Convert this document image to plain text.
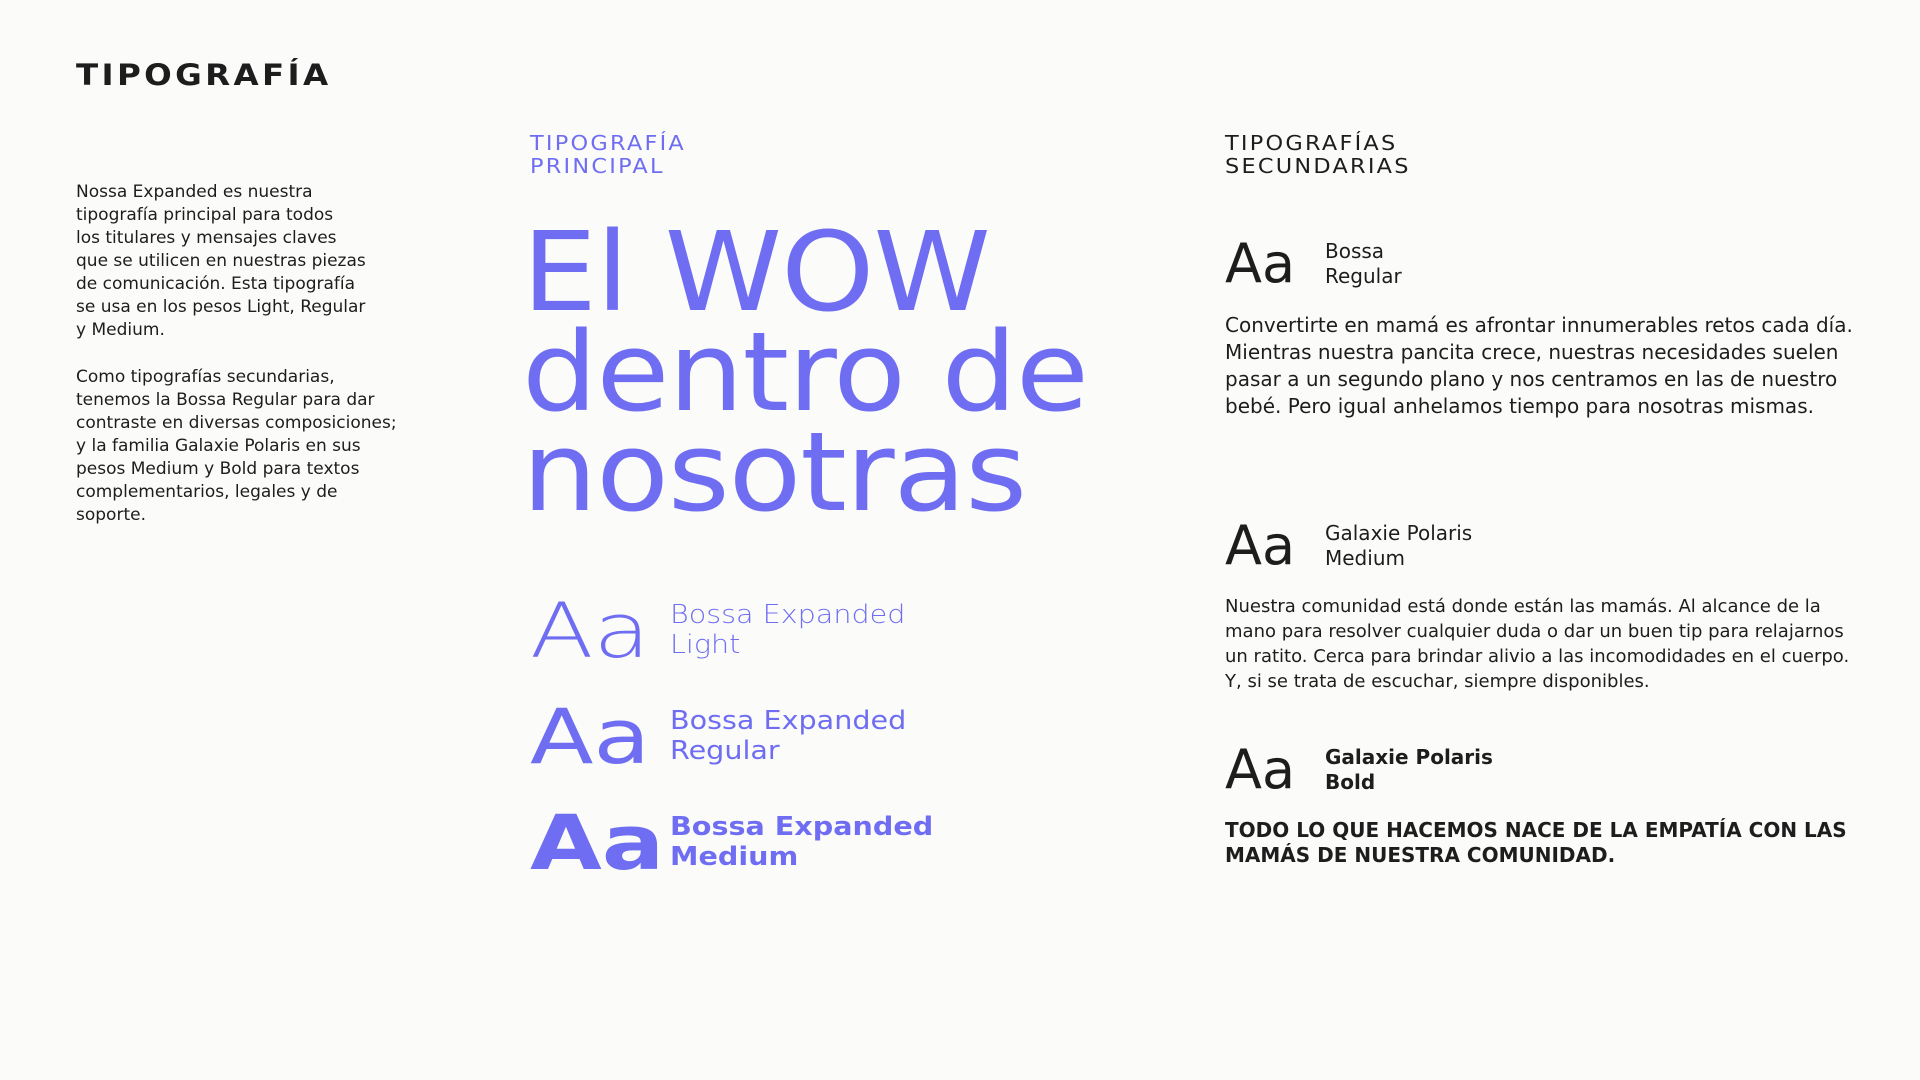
TIPOGRAFÍA

Nossa Expanded es nuestra
tipografía principal para todos
los titulares y mensajes claves
que se utilicen en nuestras piezas
de comunicación. Esta tipografía
se usa en los pesos Light, Regular
y Medium.

Como tipografías secundarias,
tenemos la Bossa Regular para dar
contraste en diversas composiciones;
y la familia Galaxie Polaris en sus
pesos Medium y Bold para textos
complementarios, legales y de soporte.

TIPOGRAFÍA
PRINCIPAL
El WOW
dentro de
nosotras
Aa Bossa Expanded
Light
Aa Bossa Expanded
Regular
Aa Bossa Expanded
Medium
TIPOGRAFÍAS
SECUNDARIAS
Aa	Bossa
Regular

Convertirte en mamá es afrontar innumerables retos cada día. Mientras nuestra pancita crece, nuestras necesidades suelen pasar a un segundo plano y nos centramos en las de nuestro bebé. Pero igual anhelamos tiempo para nosotras mismas.

Aa	Galaxie Polaris
Medium

Nuestra comunidad está donde están las mamás. Al alcance de la mano para resolver cualquier duda o dar un buen tip para relajarnos un ratito. Cerca para brindar alivio a las incomodidades en el cuerpo. Y, si se trata de escuchar, siempre disponibles.

Aa	Galaxie Polaris
Bold

TODO LO QUE HACEMOS NACE DE LA EMPATÍA CON LAS MAMÁS DE NUESTRA COMUNIDAD.
